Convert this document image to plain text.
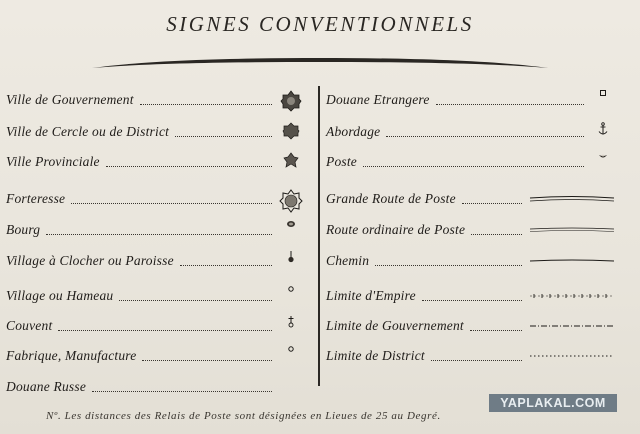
SIGNES CONVENTIONNELS
Ville de Gouvernement
Ville de Cercle ou de District
Ville Provinciale
Forteresse
Bourg
Village à Clocher ou Paroisse
Village ou Hameau
Couvent
Fabrique, Manufacture
Douane Russe
Douane Etrangere
Abordage
Poste
Grande Route de Poste
Route ordinaire de Poste
Chemin
Limite d'Empire
Limite de Gouvernement
Limite de District
Nº. Les distances des Relais de Poste sont désignées en Lieues de 25 au Degré.
YAPLAKAL.COM
